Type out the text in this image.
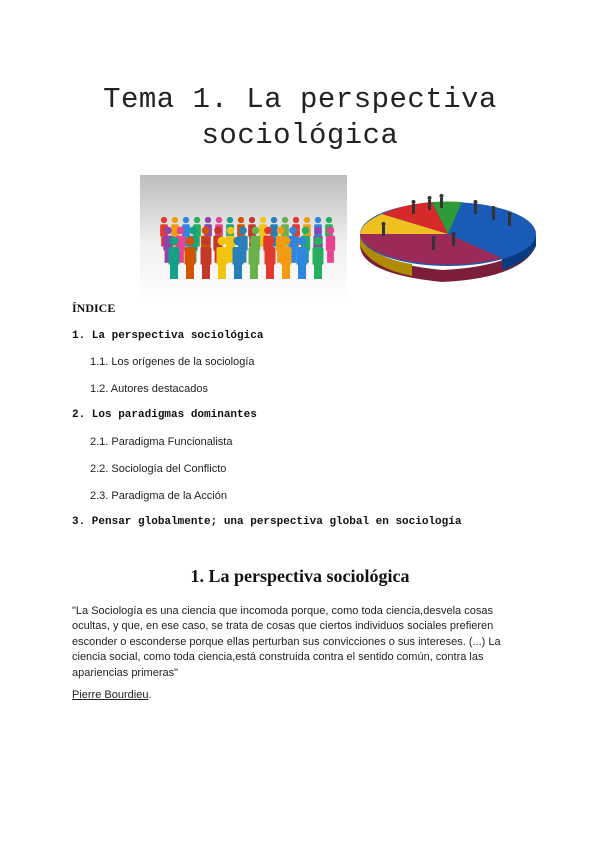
Tema 1. La perspectiva
sociológica
ÍNDICE
1. La perspectiva sociológica
1.1. Los orígenes de la sociología
1.2. Autores destacados
2. Los paradigmas dominantes
2.1. Paradigma Funcionalista
2.2. Sociología del Conflicto
2.3. Paradigma de la Acción
3. Pensar globalmente; una perspectiva global en sociología
1. La perspectiva sociológica
"La Sociología es una ciencia que incomoda porque, como toda ciencia,desvela cosas ocultas, y que, en ese caso, se trata de cosas que ciertos individuos sociales prefieren esconder o esconderse porque ellas perturban sus convicciones o sus intereses. (...) La ciencia social, como toda ciencia,está construida contra el sentido común, contra las apariencias primeras"
Pierre Bourdieu.
